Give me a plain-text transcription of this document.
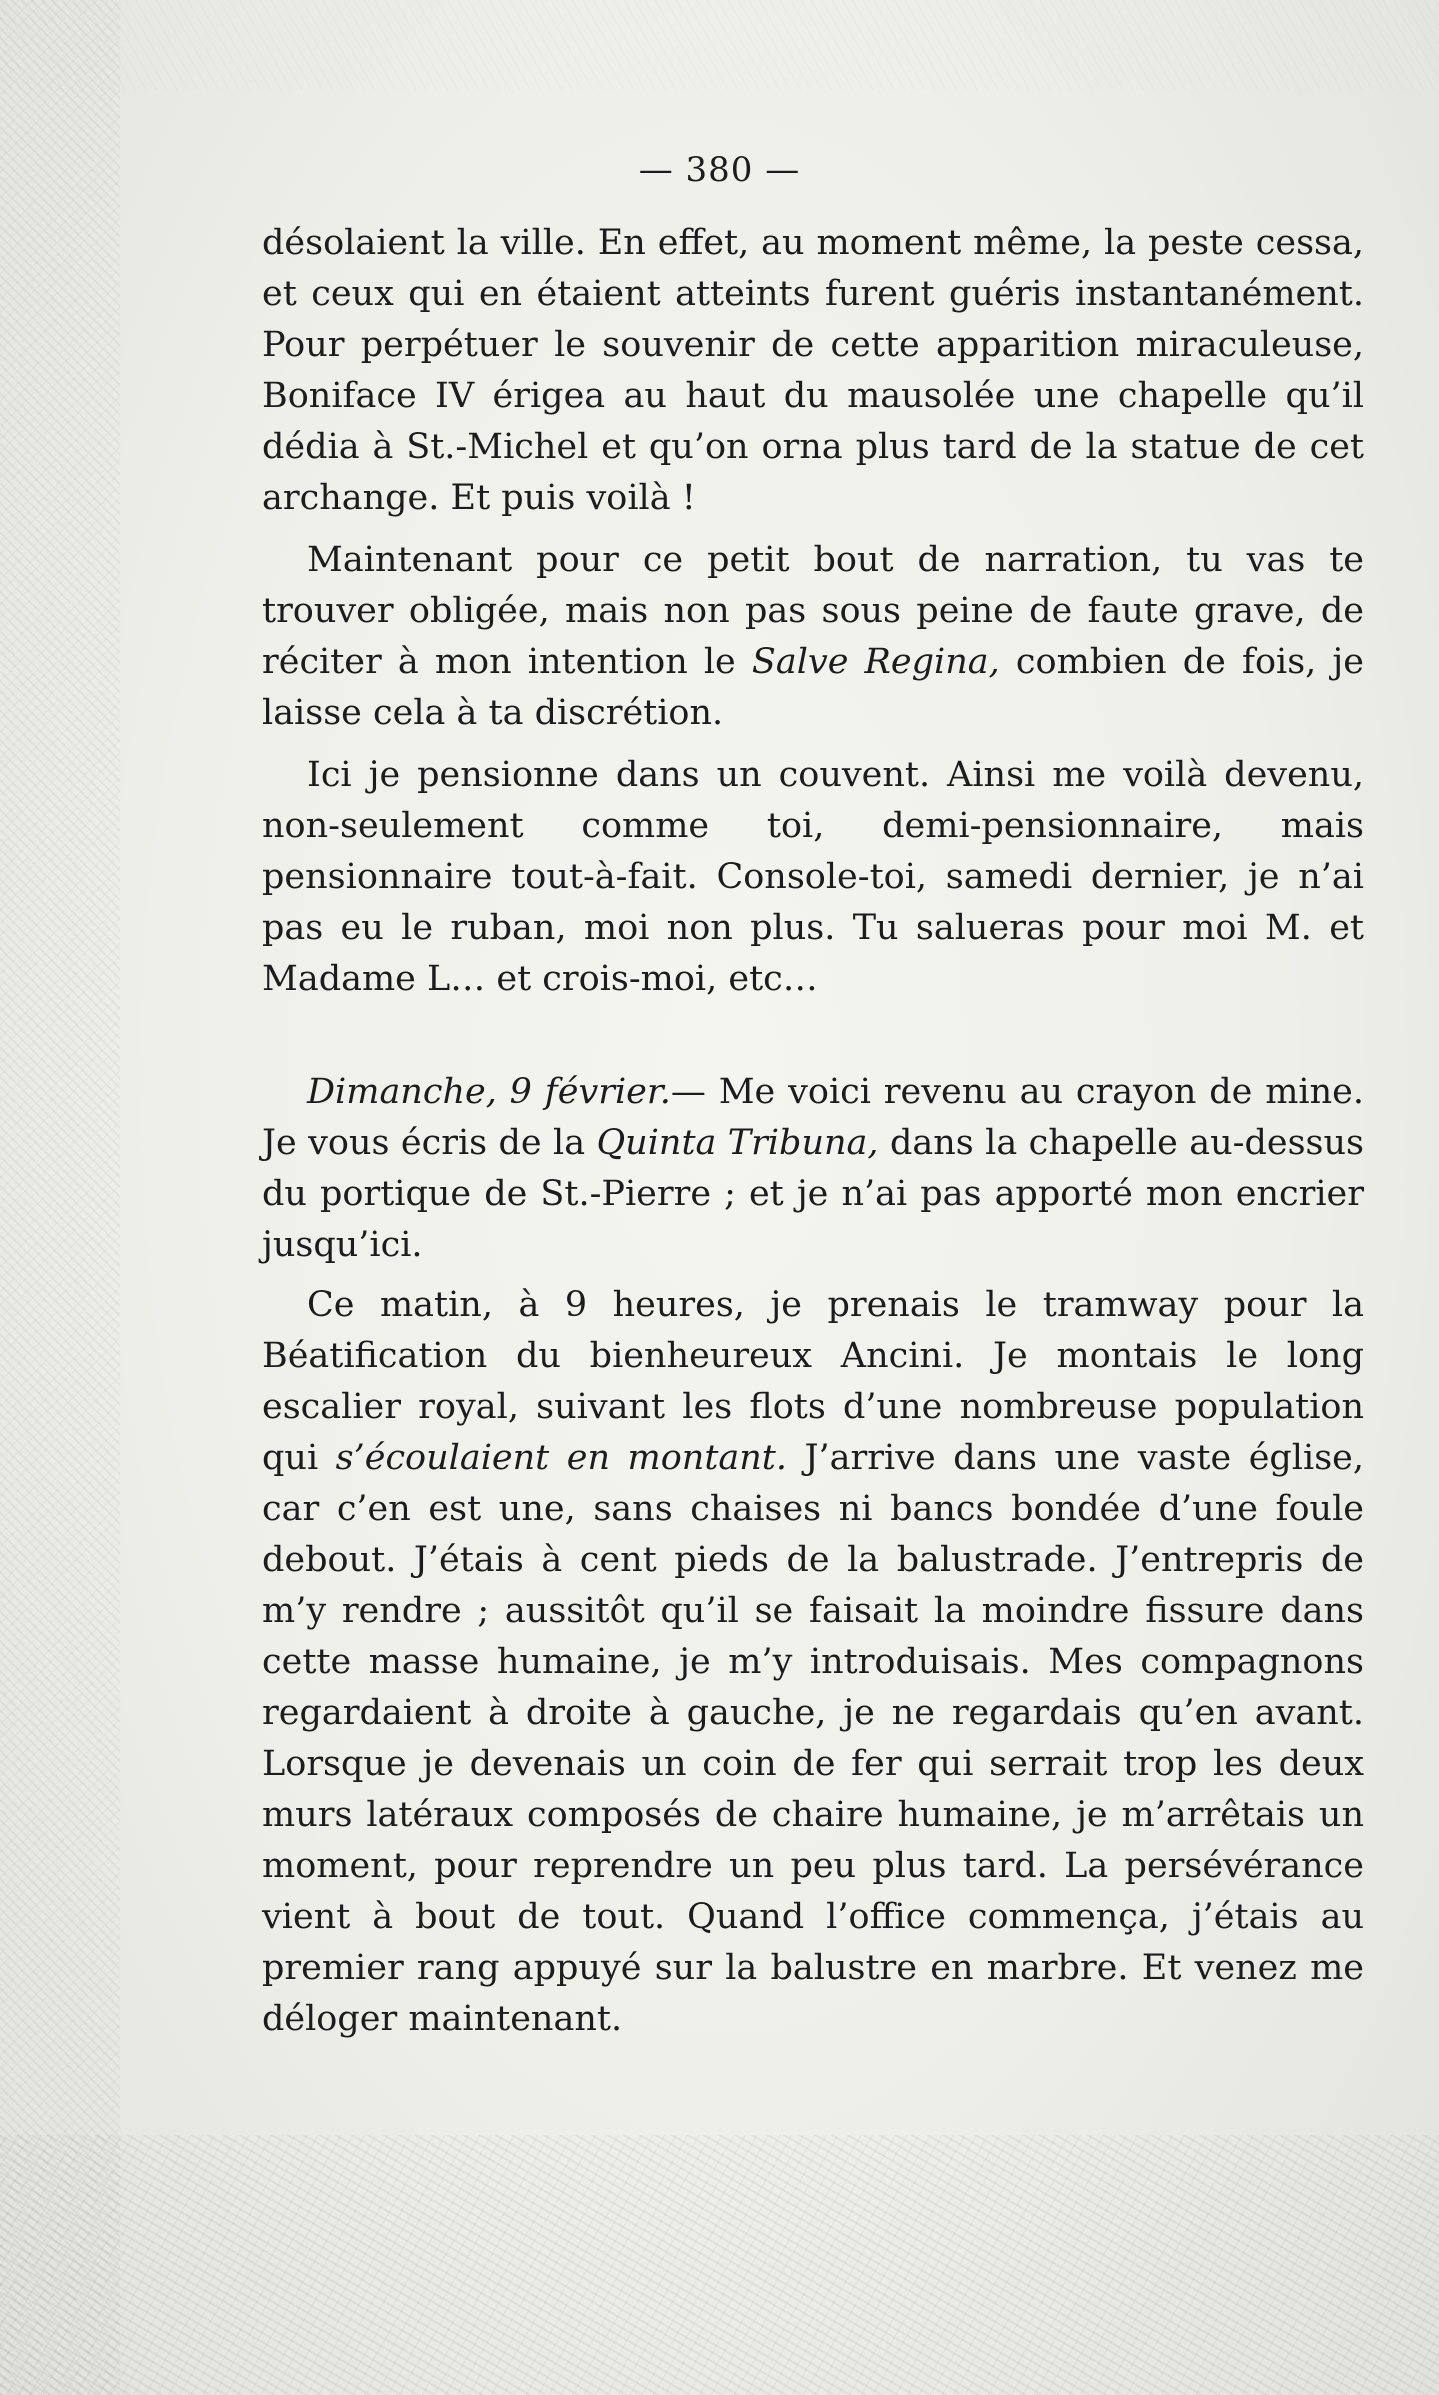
— 380 —

désolaient la ville. En effet, au moment même, la peste cessa, et ceux qui en étaient atteints furent guéris instantanément. Pour perpétuer le souvenir de cette apparition miraculeuse, Boniface IV érigea au haut du mausolée une chapelle qu’il dédia à St.-Michel et qu’on orna plus tard de la statue de cet archange. Et puis voilà !

Maintenant pour ce petit bout de narration, tu vas te trouver obligée, mais non pas sous peine de faute grave, de réciter à mon intention le Salve Regina, combien de fois, je laisse cela à ta discrétion.

Ici je pensionne dans un couvent. Ainsi me voilà devenu, non-seulement comme toi, demi-pensionnaire, mais pensionnaire tout-à-fait. Console-toi, samedi dernier, je n’ai pas eu le ruban, moi non plus. Tu salueras pour moi M. et Madame L… et crois-moi, etc…

Dimanche, 9 février.— Me voici revenu au crayon de mine. Je vous écris de la Quinta Tribuna, dans la chapelle au-dessus du portique de St.-Pierre ; et je n’ai pas apporté mon encrier jusqu’ici.

Ce matin, à 9 heures, je prenais le tramway pour la Béatification du bienheureux Ancini. Je montais le long escalier royal, suivant les flots d’une nombreuse population qui s’écoulaient en montant. J’arrive dans une vaste église, car c’en est une, sans chaises ni bancs bondée d’une foule debout. J’étais à cent pieds de la balustrade. J’entrepris de m’y rendre ; aussitôt qu’il se faisait la moindre fissure dans cette masse humaine, je m’y introduisais. Mes compagnons regardaient à droite à gauche, je ne regardais qu’en avant. Lorsque je devenais un coin de fer qui serrait trop les deux murs latéraux composés de chaire humaine, je m’arrêtais un moment, pour reprendre un peu plus tard. La persévérance vient à bout de tout. Quand l’office commença, j’étais au premier rang appuyé sur la balustre en marbre. Et venez me déloger maintenant.
